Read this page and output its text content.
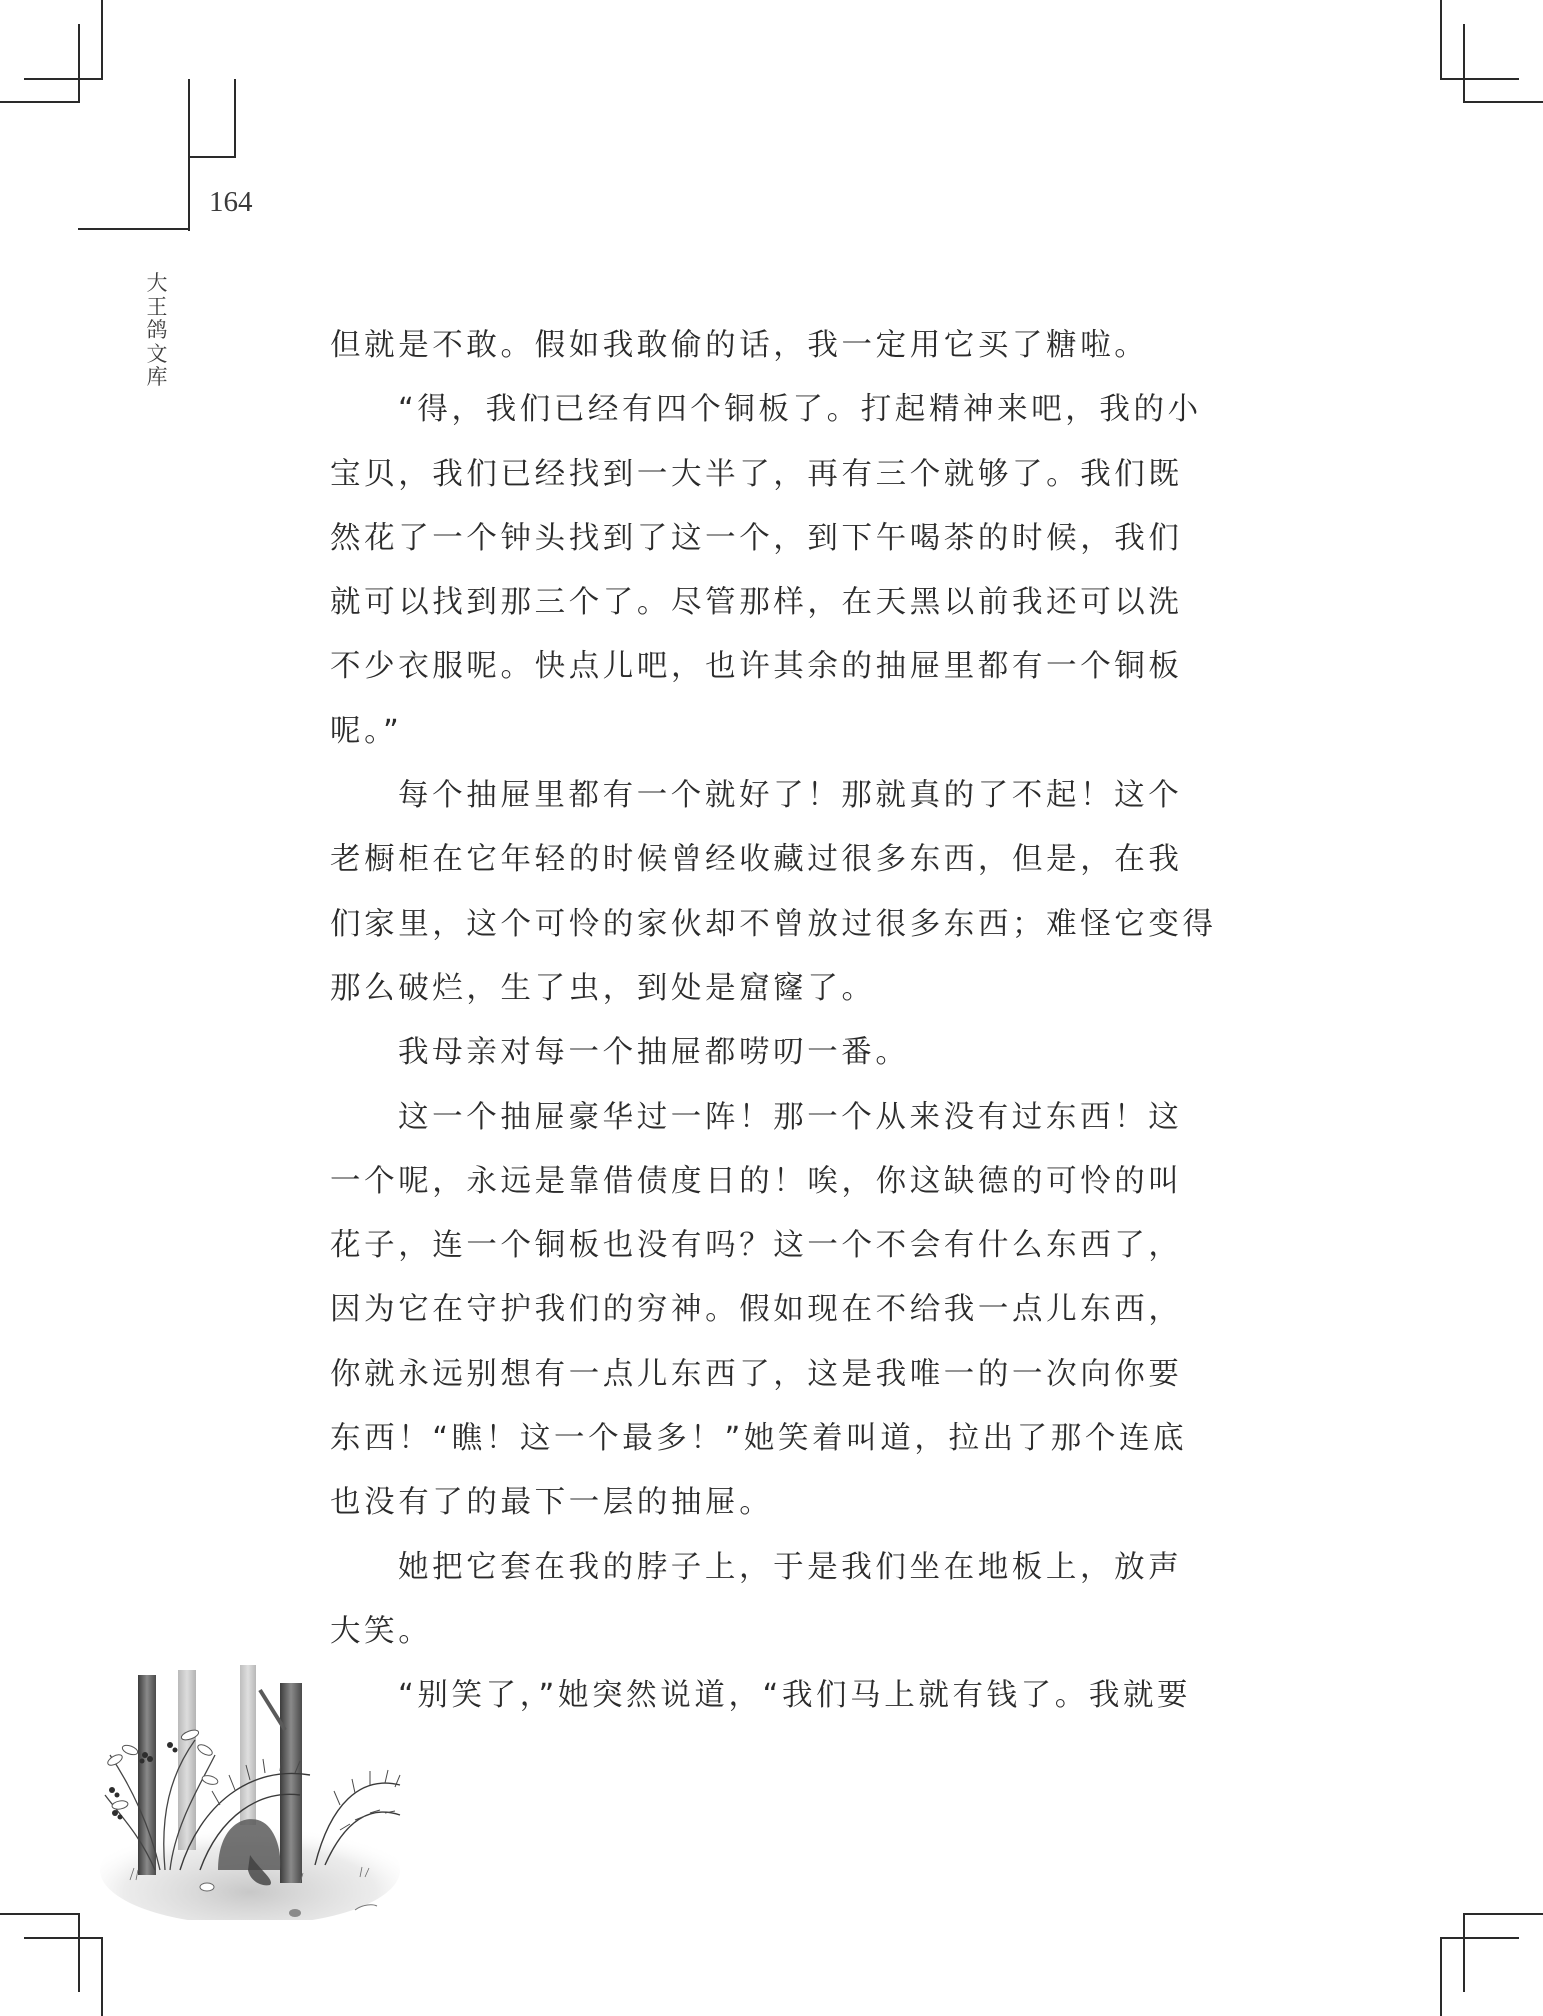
164
大
王
鸽
文
库
但就是不敢。假如我敢偷的话，我一定用它买了糖啦。
“得，我们已经有四个铜板了。打起精神来吧，我的小
宝贝，我们已经找到一大半了，再有三个就够了。我们既
然花了一个钟头找到了这一个，到下午喝茶的时候，我们
就可以找到那三个了。尽管那样，在天黑以前我还可以洗
不少衣服呢。快点儿吧，也许其余的抽屉里都有一个铜板
呢。”
每个抽屉里都有一个就好了！那就真的了不起！这个
老橱柜在它年轻的时候曾经收藏过很多东西，但是，在我
们家里，这个可怜的家伙却不曾放过很多东西；难怪它变得
那么破烂，生了虫，到处是窟窿了。
我母亲对每一个抽屉都唠叨一番。
这一个抽屉豪华过一阵！那一个从来没有过东西！这
一个呢，永远是靠借债度日的！唉，你这缺德的可怜的叫
花子，连一个铜板也没有吗？这一个不会有什么东西了，
因为它在守护我们的穷神。假如现在不给我一点儿东西，
你就永远别想有一点儿东西了，这是我唯一的一次向你要
东西！“瞧！这一个最多！”她笑着叫道，拉出了那个连底
也没有了的最下一层的抽屉。
她把它套在我的脖子上，于是我们坐在地板上，放声
大笑。
“别笑了，”她突然说道，“我们马上就有钱了。我就要
